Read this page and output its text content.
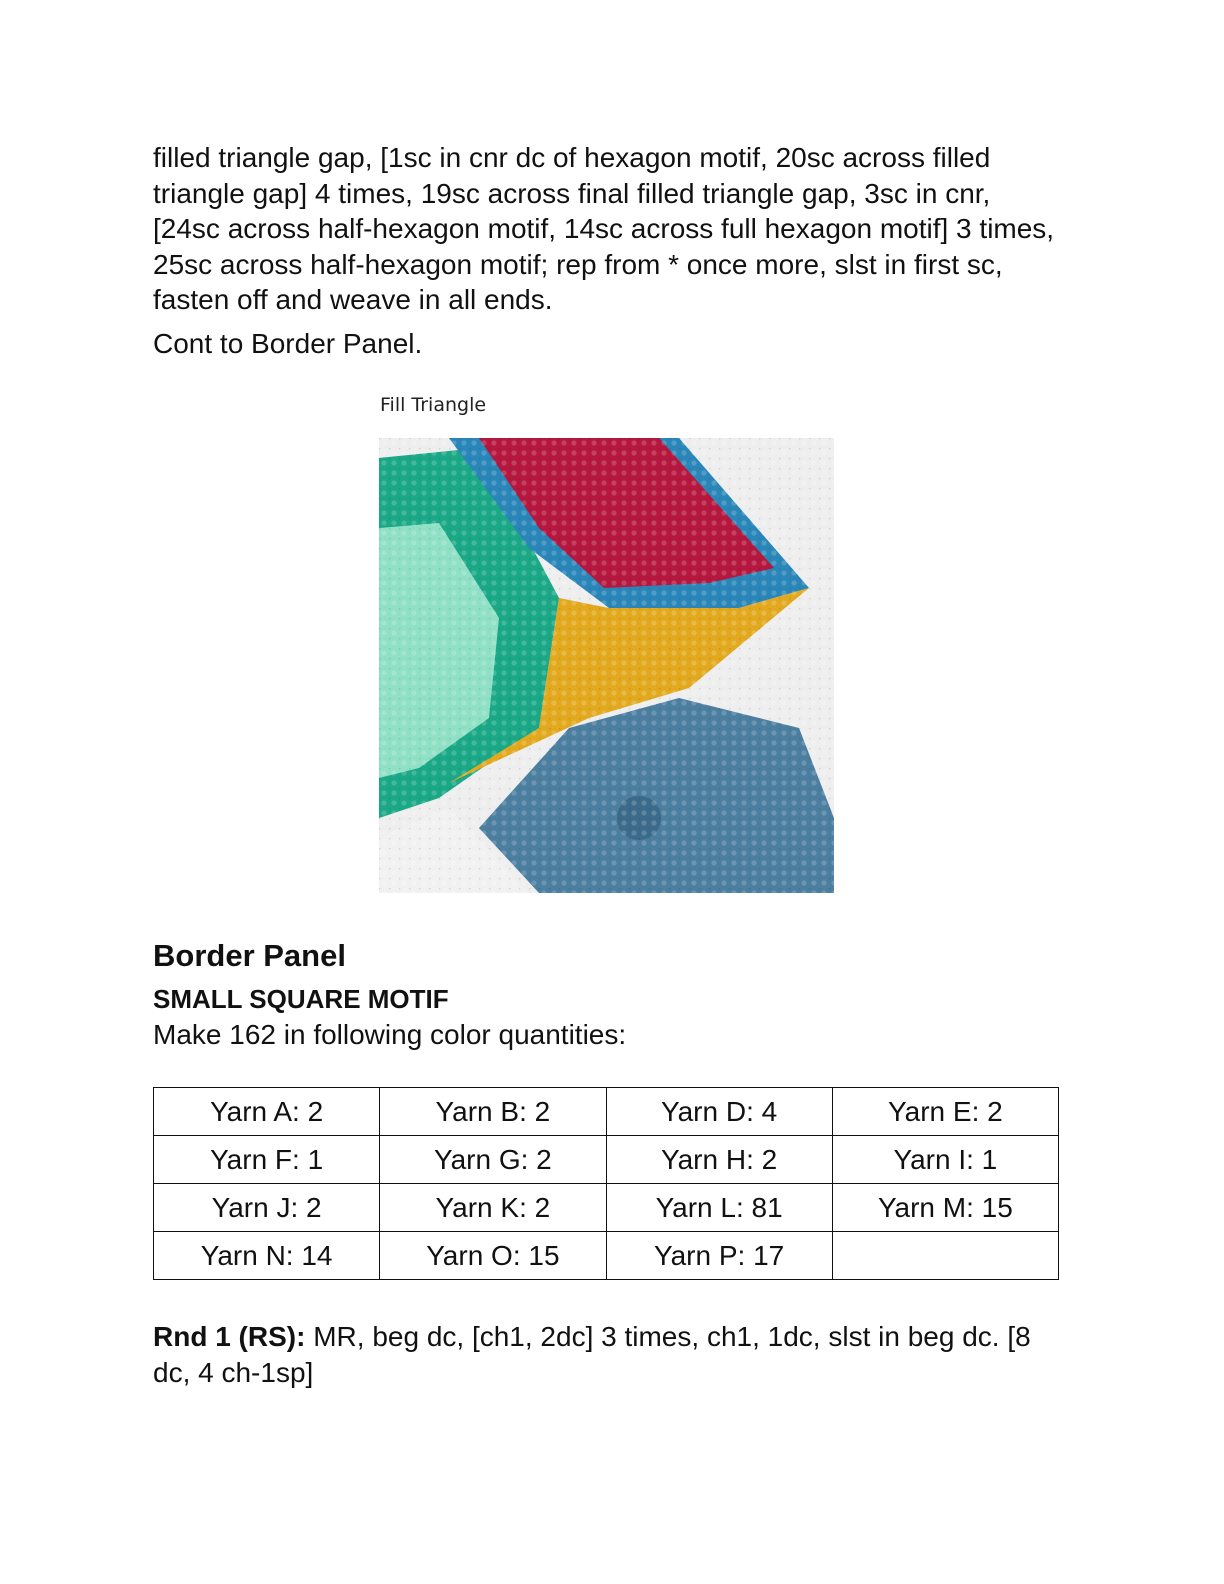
filled triangle gap, [1sc in cnr dc of hexagon motif, 20sc across filled triangle gap] 4 times, 19sc across final filled triangle gap, 3sc in cnr, [24sc across half-hexagon motif, 14sc across full hexagon motif] 3 times, 25sc across half-hexagon motif; rep from * once more, slst in first sc, fasten off and weave in all ends.

Cont to Border Panel.

Fill Triangle
Border Panel
SMALL SQUARE MOTIF

Make 162 in following color quantities:

Yarn A: 2	Yarn B: 2	Yarn D: 4	Yarn E: 2
Yarn F: 1	Yarn G: 2	Yarn H: 2	Yarn I: 1
Yarn J: 2	Yarn K: 2	Yarn L: 81	Yarn M: 15
Yarn N: 14	Yarn O: 15	Yarn P: 17	

Rnd 1 (RS): MR, beg dc, [ch1, 2dc] 3 times, ch1, 1dc, slst in beg dc. [8 dc, 4 ch-1sp]
